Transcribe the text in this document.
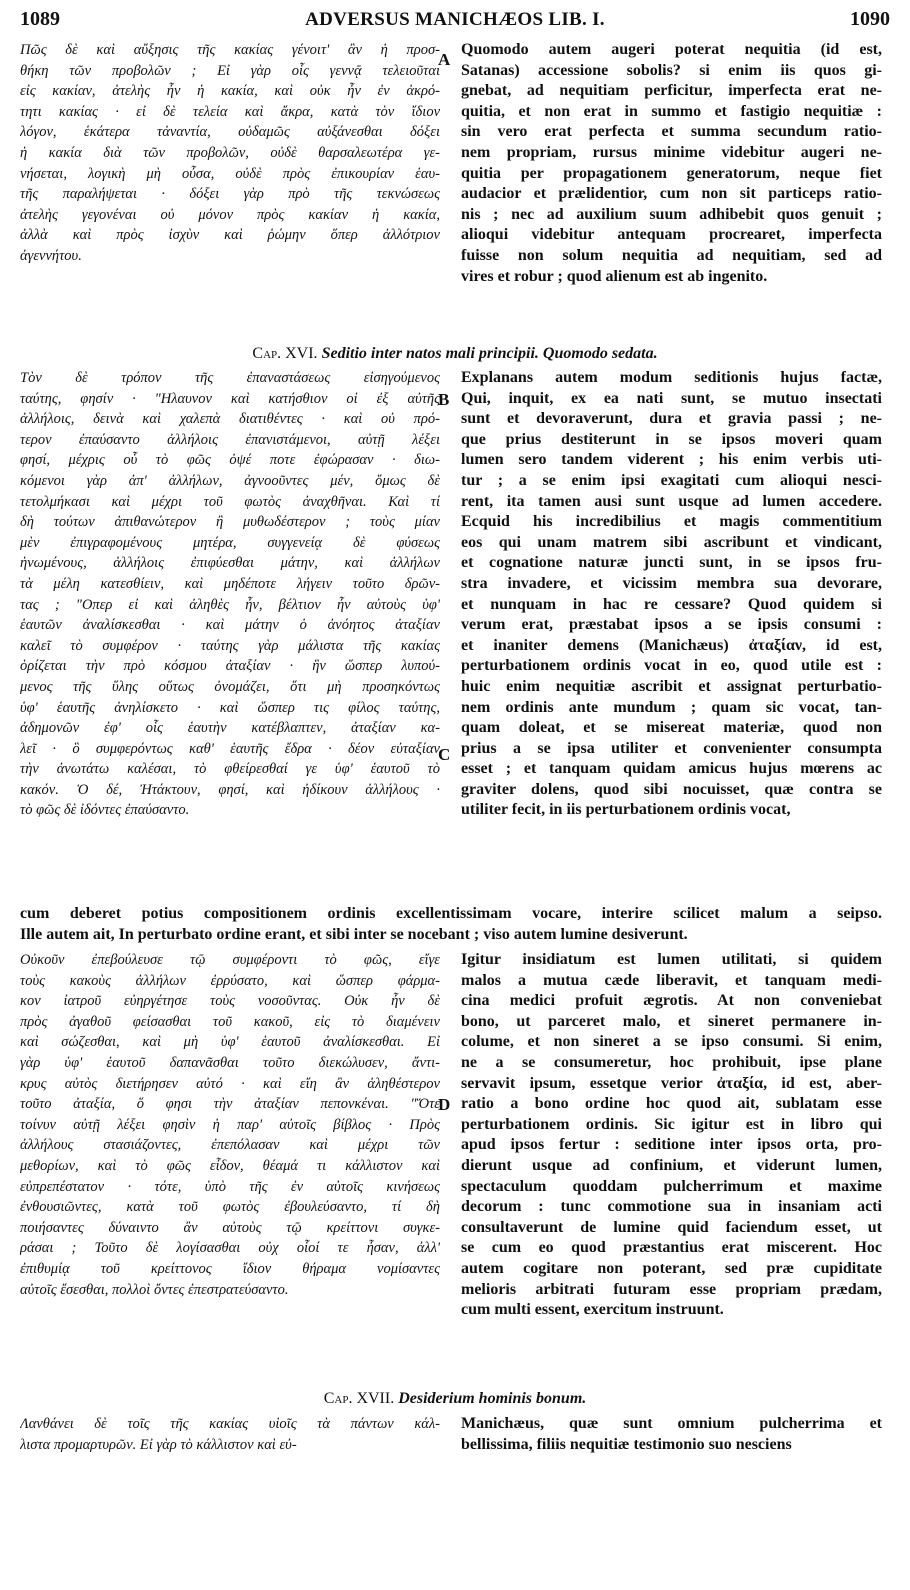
1089	ADVERSUS MANICHÆOS LIB. I.	1090
Πῶς δὲ καὶ αὔξησις τῆς κακίας γένοιτ' ἂν ἡ προσ-
θήκη τῶν προβολῶν ; Εἰ γὰρ οἷς γεννᾷ τελειοῦται
εἰς κακίαν, ἀτελὴς ἦν ἡ κακία, καὶ οὐκ ἦν ἐν ἀκρό-
τητι κακίας · εἰ δὲ τελεία καὶ ἄκρα, κατὰ τὸν ἴδιον
λόγον, ἑκάτερα τἀναντία, οὐδαμῶς αὐξάνεσθαι δόξει
ἡ κακία διὰ τῶν προβολῶν, οὐδὲ θαρσαλεωτέρα γε-
νήσεται, λογικὴ μὴ οὖσα, οὐδὲ πρὸς ἐπικουρίαν ἑαυ-
τῆς παραλήψεται · δόξει γὰρ πρὸ τῆς τεκνώσεως
ἀτελὴς γεγονέναι οὐ μόνον πρὸς κακίαν ἡ κακία,
ἀλλὰ καὶ πρὸς ἰσχὺν καὶ ῥώμην ὅπερ ἀλλότριον
ἀγεννήτου.
Quomodo autem augeri poterat nequitia (id est,
Satanas) accessione sobolis? si enim iis quos gi-
gnebat, ad nequitiam perficitur, imperfecta erat ne-
quitia, et non erat in summo et fastigio nequitiæ :
sin vero erat perfecta et summa secundum ratio-
nem propriam, rursus minime videbitur augeri ne-
quitia per propagationem generatorum, neque fiet
audacior et prælidentior, cum non sit particeps ratio-
nis ; nec ad auxilium suum adhibebit quos genuit ;
alioqui videbitur antequam procrearet, imperfecta
fuisse non solum nequitia ad nequitiam, sed ad
vires et robur ; quod alienum est ab ingenito.
Cap. XVI. Seditio inter natos mali principii. Quomodo sedata.
Τὸν δὲ τρόπον τῆς ἐπαναστάσεως εἰσηγούμενος
ταύτης, φησίν · "Ηλαυνον καὶ κατήσθιον οἱ ἐξ αὐτῆς
ἀλλήλοις, δεινὰ καὶ χαλεπὰ διατιθέντες · καὶ οὐ πρό-
τερον ἐπαύσαντο ἀλλήλοις ἐπανιστάμενοι, αὐτῇ λέξει
φησί, μέχρις οὗ τὸ φῶς ὀψέ ποτε ἐφώρασαν · διω-
κόμενοι γὰρ ἀπ' ἀλλήλων, ἀγνοοῦντες μέν, ὅμως δὲ
τετολμήκασι καὶ μέχρι τοῦ φωτὸς ἀναχθῆναι. Καὶ τί
δὴ τούτων ἀπιθανώτερον ἢ μυθωδέστερον ; τοὺς μίαν
μὲν ἐπιγραφομένους μητέρα, συγγενείᾳ δὲ φύσεως
ἡνωμένους, ἀλλήλοις ἐπιφύεσθαι μάτην, καὶ ἀλλήλων
τὰ μέλη κατεσθίειν, καὶ μηδέποτε λήγειν τοῦτο δρῶν-
τας ; "Οπερ εἰ καὶ ἀληθὲς ἦν, βέλτιον ἦν αὐτοὺς ὑφ'
ἑαυτῶν ἀναλίσκεσθαι · καὶ μάτην ὁ ἀνόητος ἀταξίαν
καλεῖ τὸ συμφέρον · ταύτης γὰρ μάλιστα τῆς κακίας
ὁρίζεται τὴν πρὸ κόσμου ἀταξίαν · ἣν ὥσπερ λυπού-
μενος τῆς ὕλης οὕτως ὀνομάζει, ὅτι μὴ προσηκόντως
ὑφ' ἑαυτῆς ἀνηλίσκετο · καὶ ὥσπερ τις φίλος ταύτης,
ἀδημονῶν ἐφ' οἷς ἑαυτὴν κατέβλαπτεν, ἀταξίαν κα-
λεῖ · ὃ συμφερόντως καθ' ἑαυτῆς ἔδρα · δέον εὐταξίαν
τὴν ἀνωτάτω καλέσαι, τὸ φθείρεσθαί γε ὑφ' ἑαυτοῦ τὸ
κακόν. Ὁ δέ, Ἠτάκτουν, φησί, καὶ ἠδίκουν ἀλλήλους ·
τὸ φῶς δὲ ἰδόντες ἐπαύσαντο.
Explanans autem modum seditionis hujus factæ,
Qui, inquit, ex ea nati sunt, se mutuo insectati
sunt et devoraverunt, dura et gravia passi ; ne-
que prius destiterunt in se ipsos moveri quam
lumen sero tandem viderent ; his enim verbis uti-
tur ; a se enim ipsi exagitati cum alioqui nesci-
rent, ita tamen ausi sunt usque ad lumen accedere.
Ecquid his incredibilius et magis commentitium
eos qui unam matrem sibi ascribunt et vindicant,
et cognatione naturæ juncti sunt, in se ipsos fru-
stra invadere, et vicissim membra sua devorare,
et nunquam in hac re cessare? Quod quidem si
verum erat, præstabat ipsos a se ipsis consumi :
et inaniter demens (Manichæus) ἀταξίαν, id est,
perturbationem ordinis vocat in eo, quod utile est :
huic enim nequitiæ ascribit et assignat perturbatio-
nem ordinis ante mundum ; quam sic vocat, tan-
quam doleat, et se misereat materiæ, quod non
prius a se ipsa utiliter et convenienter consumpta
esset ; et tanquam quidam amicus hujus mœrens ac
graviter dolens, quod sibi nocuisset, quæ contra se
utiliter fecit, in iis perturbationem ordinis vocat,
cum deberet potius compositionem ordinis excellentissimam vocare, interire scilicet malum a seipso.
Ille autem ait, In perturbato ordine erant, et sibi inter se nocebant ; viso autem lumine desiverunt.
Οὐκοῦν ἐπεβούλευσε τῷ συμφέροντι τὸ φῶς, εἴγε
τοὺς κακοὺς ἀλλήλων ἐρρύσατο, καὶ ὥσπερ φάρμα-
κον ἰατροῦ εὐηργέτησε τοὺς νοσοῦντας. Οὐκ ἦν δὲ
πρὸς ἀγαθοῦ φείσασθαι τοῦ κακοῦ, εἰς τὸ διαμένειν
καὶ σώζεσθαι, καὶ μὴ ὑφ' ἑαυτοῦ ἀναλίσκεσθαι. Εἰ
γὰρ ὑφ' ἑαυτοῦ δαπανᾶσθαι τοῦτο διεκώλυσεν, ἄντι-
κρυς αὐτὸς διετήρησεν αὐτό · καὶ εἴη ἂν ἀληθέστερον
τοῦτο ἀταξία, ὅ φησι τὴν ἀταξίαν πεπονκέναι. "Ὅτε
τοίνυν αὐτῇ λέξει φησὶν ἡ παρ' αὐτοῖς βίβλος · Πρὸς
ἀλλήλους στασιάζοντες, ἐπεπόλασαν καὶ μέχρι τῶν
μεθορίων, καὶ τὸ φῶς εἶδον, θέαμά τι κάλλιστον καὶ
εὐπρεπέστατον · τότε, ὑπὸ τῆς ἐν αὐτοῖς κινήσεως
ἐνθουσιῶντες, κατὰ τοῦ φωτὸς ἐβουλεύσαντο, τί δὴ
ποιήσαντες δύναιντο ἂν αὐτοὺς τῷ κρείττονι συγκε-
ράσαι ; Τοῦτο δὲ λογίσασθαι οὐχ οἷοί τε ἦσαν, ἀλλ'
ἐπιθυμίᾳ τοῦ κρείττονος ἴδιον θήραμα νομίσαντες
αὐτοῖς ἔσεσθαι, πολλοὶ ὄντες ἐπεστρατεύσαντο.
Igitur insidiatum est lumen utilitati, si quidem
malos a mutua cæde liberavit, et tanquam medi-
cina medici profuit ægrotis. At non conveniebat
bono, ut parceret malo, et sineret permanere in-
colume, et non sineret a se ipso consumi. Si enim,
ne a se consumeretur, hoc prohibuit, ipse plane
servavit ipsum, essetque verior ἀταξία, id est, aber-
ratio a bono ordine hoc quod ait, sublatam esse
perturbationem ordinis. Sic igitur est in libro qui
apud ipsos fertur : seditione inter ipsos orta, pro-
dierunt usque ad confinium, et viderunt lumen,
spectaculum quoddam pulcherrimum et maxime
decorum : tunc commotione sua in insaniam acti
consultaverunt de lumine quid faciendum esset, ut
se cum eo quod præstantius erat miscerent. Hoc
autem cogitare non poterant, sed præ cupiditate
melioris arbitrati futuram esse propriam prædam,
cum multi essent, exercitum instruunt.
Cap. XVII. Desiderium hominis bonum.
Λανθάνει δὲ τοῖς τῆς κακίας υἱοῖς τὰ πάντων κάλ-
λιστα προμαρτυρῶν. Εἰ γὰρ τὸ κάλλιστον καὶ εὐ-
Manichæus, quæ sunt omnium pulcherrima et
bellissima, filiis nequitiæ testimonio suo nesciens
A
B
C
D
